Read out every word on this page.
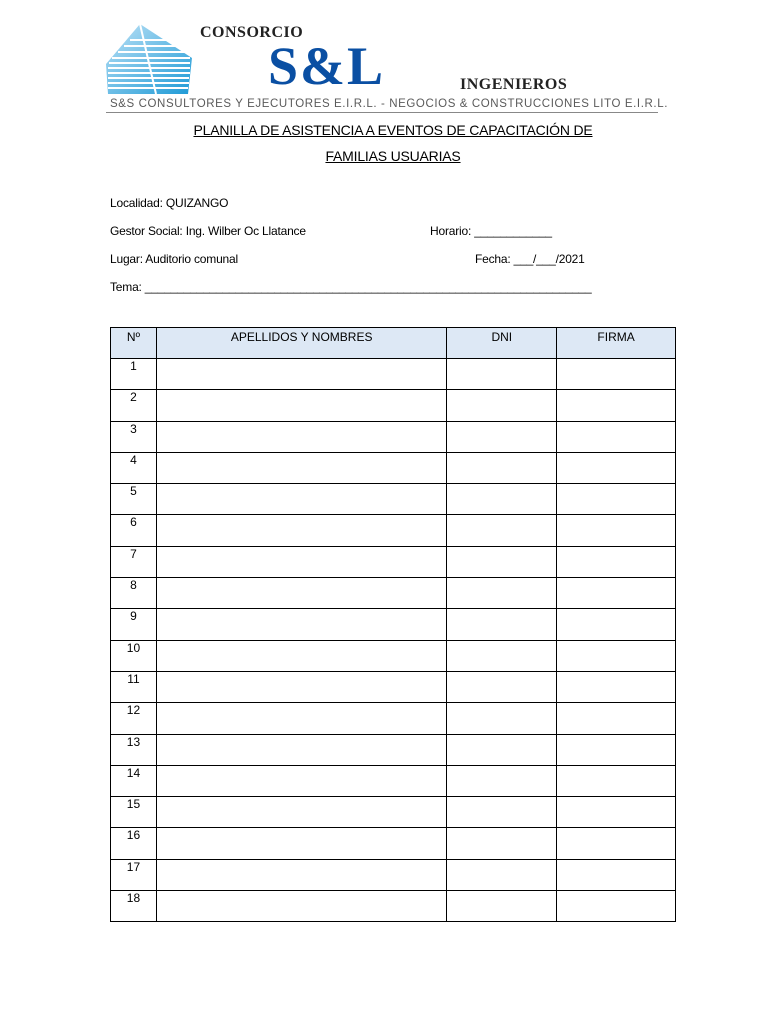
CONSORCIO
S&L	INGENIEROS
S&S CONSULTORES Y EJECUTORES E.I.R.L. - NEGOCIOS & CONSTRUCCIONES LITO E.I.R.L.
PLANILLA DE ASISTENCIA A EVENTOS DE CAPACITACIÓN DE
FAMILIAS USUARIAS
Localidad: QUIZANGO
Gestor Social: Ing. Wilber Oc Llatance	Horario: ____________
Lugar: Auditorio comunal	Fecha: ___/___/2021
Tema: _____________________________________________________________________
Nº	APELLIDOS Y NOMBRES	DNI	FIRMA
1			
2			
3			
4			
5			
6			
7			
8			
9			
10			
11			
12			
13			
14			
15			
16			
17			
18			
